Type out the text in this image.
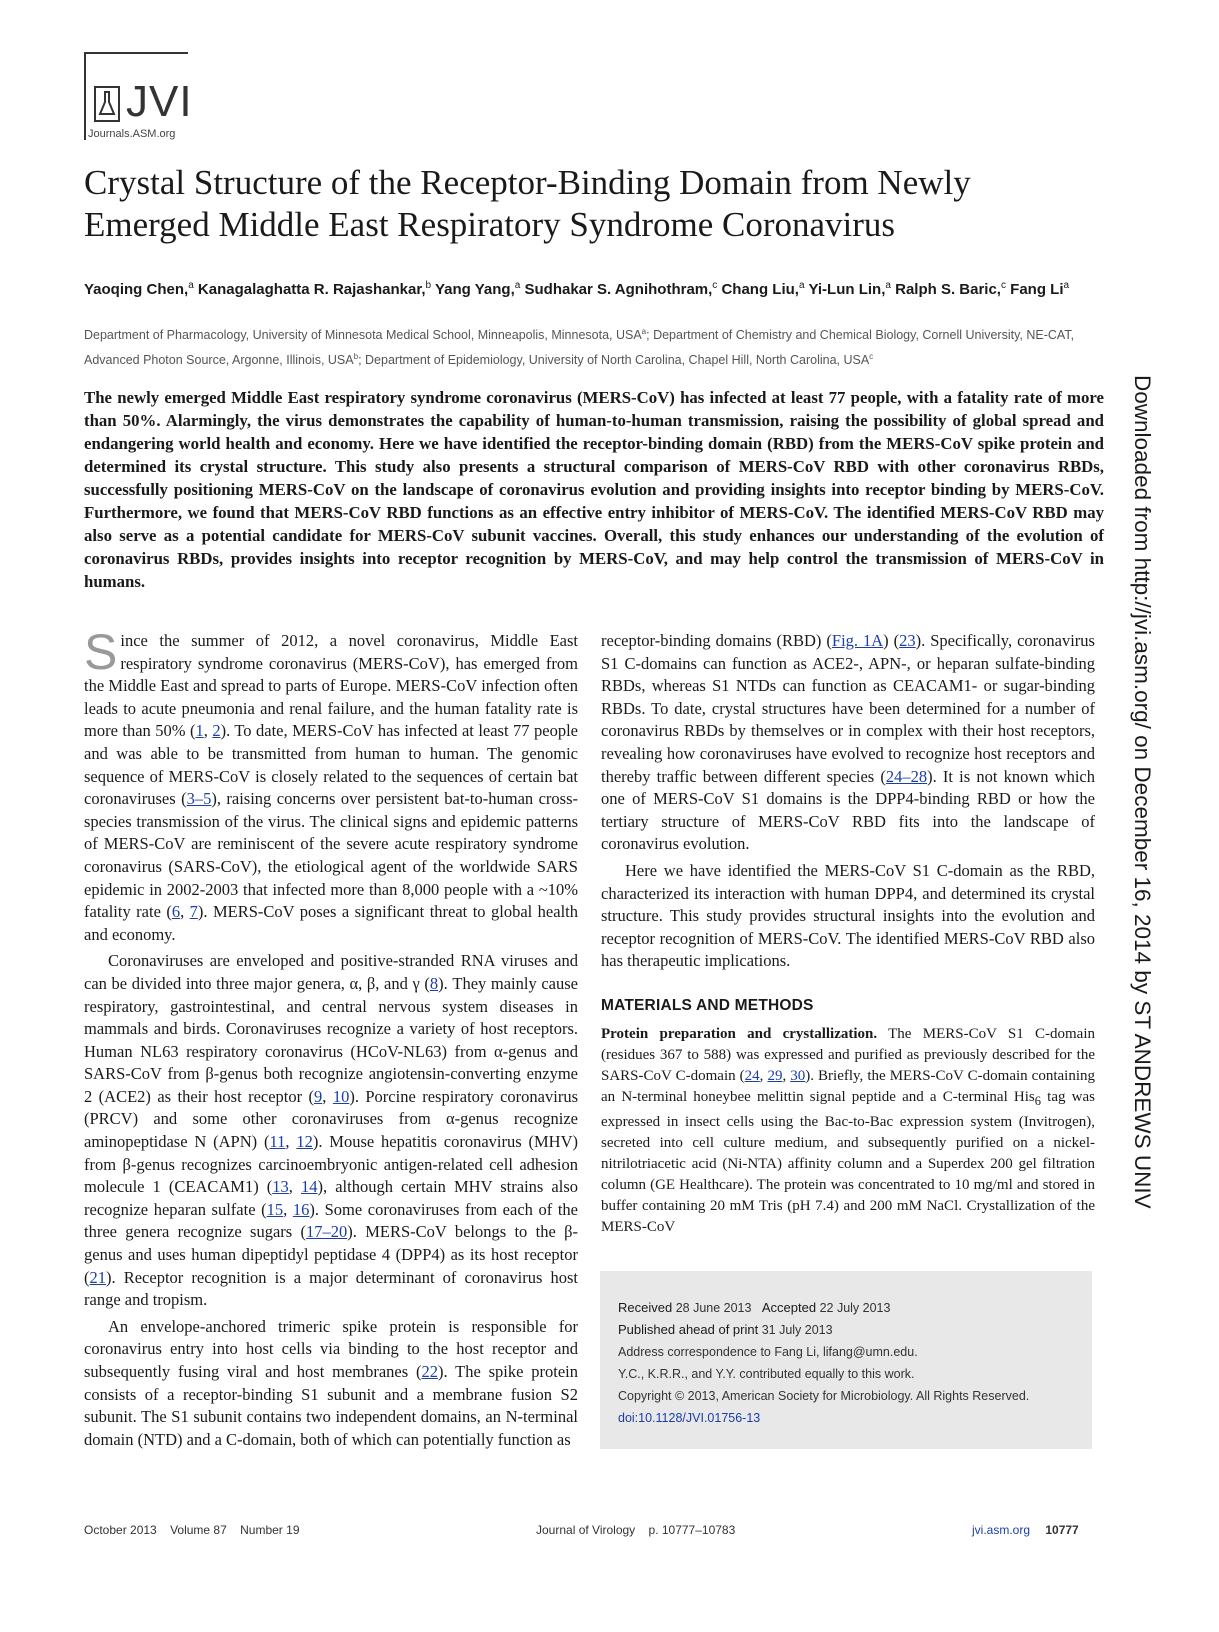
JVI
Journals.ASM.org
Crystal Structure of the Receptor-Binding Domain from Newly
Emerged Middle East Respiratory Syndrome Coronavirus
Yaoqing Chen,$^a$ Kanagalaghatta R. Rajashankar,$^b$ Yang Yang,$^a$ Sudhakar S. Agnihothram,$^c$ Chang Liu,$^a$ Yi-Lun Lin,$^a$ Ralph S. Baric,$^c$ Fang Li$^a$
Department of Pharmacology, University of Minnesota Medical School, Minneapolis, Minnesota, USA$^a$; Department of Chemistry and Chemical Biology, Cornell University, NE-CAT, Advanced Photon Source, Argonne, Illinois, USA$^b$; Department of Epidemiology, University of North Carolina, Chapel Hill, North Carolina, USA$^c$

The newly emerged Middle East respiratory syndrome coronavirus (MERS-CoV) has infected at least 77 people, with a fatality rate of more than 50%. Alarmingly, the virus demonstrates the capability of human-to-human transmission, raising the possibility of global spread and endangering world health and economy. Here we have identified the receptor-binding domain (RBD) from the MERS-CoV spike protein and determined its crystal structure. This study also presents a structural comparison of MERS-CoV RBD with other coronavirus RBDs, successfully positioning MERS-CoV on the landscape of coronavirus evolution and providing insights into receptor binding by MERS-CoV. Furthermore, we found that MERS-CoV RBD functions as an effective entry inhibitor of MERS-CoV. The identified MERS-CoV RBD may also serve as a potential candidate for MERS-CoV subunit vaccines. Overall, this study enhances our understanding of the evolution of coronavirus RBDs, provides insights into receptor recognition by MERS-CoV, and may help control the transmission of MERS-CoV in humans.	Downloaded from http://jvi.asm.org/ on December 16, 2014 by ST ANDREWS UNIV

Since the summer of 2012, a novel coronavirus, Middle East respiratory syndrome coronavirus (MERS-CoV), has emerged from the Middle East and spread to parts of Europe. MERS-CoV infection often leads to acute pneumonia and renal failure, and the human fatality rate is more than 50% (1, 2). To date, MERS-CoV has infected at least 77 people and was able to be transmitted from human to human. The genomic sequence of MERS-CoV is closely related to the sequences of certain bat coronaviruses (3–5), raising concerns over persistent bat-to-human cross-species transmission of the virus. The clinical signs and epidemic patterns of MERS-CoV are reminiscent of the severe acute respiratory syndrome coronavirus (SARS-CoV), the etiological agent of the worldwide SARS epidemic in 2002-2003 that infected more than 8,000 people with a ~10% fatality rate (6, 7). MERS-CoV poses a significant threat to global health and economy.

Coronaviruses are enveloped and positive-stranded RNA viruses and can be divided into three major genera, α, β, and γ (8). They mainly cause respiratory, gastrointestinal, and central nervous system diseases in mammals and birds. Coronaviruses recognize a variety of host receptors. Human NL63 respiratory coronavirus (HCoV-NL63) from α-genus and SARS-CoV from β-genus both recognize angiotensin-converting enzyme 2 (ACE2) as their host receptor (9, 10). Porcine respiratory coronavirus (PRCV) and some other coronaviruses from α-genus recognize aminopeptidase N (APN) (11, 12). Mouse hepatitis coronavirus (MHV) from β-genus recognizes carcinoembryonic antigen-related cell adhesion molecule 1 (CEACAM1) (13, 14), although certain MHV strains also recognize heparan sulfate (15, 16). Some coronaviruses from each of the three genera recognize sugars (17–20). MERS-CoV belongs to the β-genus and uses human dipeptidyl peptidase 4 (DPP4) as its host receptor (21). Receptor recognition is a major determinant of coronavirus host range and tropism.

An envelope-anchored trimeric spike protein is responsible for coronavirus entry into host cells via binding to the host receptor and subsequently fusing viral and host membranes (22). The spike protein consists of a receptor-binding S1 subunit and a membrane fusion S2 subunit. The S1 subunit contains two independent domains, an N-terminal domain (NTD) and a C-domain, both of which can potentially function as

receptor-binding domains (RBD) (Fig. 1A) (23). Specifically, coronavirus S1 C-domains can function as ACE2-, APN-, or heparan sulfate-binding RBDs, whereas S1 NTDs can function as CEACAM1- or sugar-binding RBDs. To date, crystal structures have been determined for a number of coronavirus RBDs by themselves or in complex with their host receptors, revealing how coronaviruses have evolved to recognize host receptors and thereby traffic between different species (24–28). It is not known which one of MERS-CoV S1 domains is the DPP4-binding RBD or how the tertiary structure of MERS-CoV RBD fits into the landscape of coronavirus evolution.

Here we have identified the MERS-CoV S1 C-domain as the RBD, characterized its interaction with human DPP4, and determined its crystal structure. This study provides structural insights into the evolution and receptor recognition of MERS-CoV. The identified MERS-CoV RBD also has therapeutic implications.

MATERIALS AND METHODS

Protein preparation and crystallization. The MERS-CoV S1 C-domain (residues 367 to 588) was expressed and purified as previously described for the SARS-CoV C-domain (24, 29, 30). Briefly, the MERS-CoV C-domain containing an N-terminal honeybee melittin signal peptide and a C-terminal His$_6$ tag was expressed in insect cells using the Bac-to-Bac expression system (Invitrogen), secreted into cell culture medium, and subsequently purified on a nickel-nitrilotriacetic acid (Ni-NTA) affinity column and a Superdex 200 gel filtration column (GE Healthcare). The protein was concentrated to 10 mg/ml and stored in buffer containing 20 mM Tris (pH 7.4) and 200 mM NaCl. Crystallization of the MERS-CoV

Received 28 June 2013 Accepted 22 July 2013
Published ahead of print 31 July 2013
Address correspondence to Fang Li, lifang@umn.edu.
Y.C., K.R.R., and Y.Y. contributed equally to this work.
Copyright © 2013, American Society for Microbiology. All Rights Reserved.
doi:10.1128/JVI.01756-13
October 2013 Volume 87 Number 19	Journal of Virology p. 10777–10783	jvi.asm.org 10777
